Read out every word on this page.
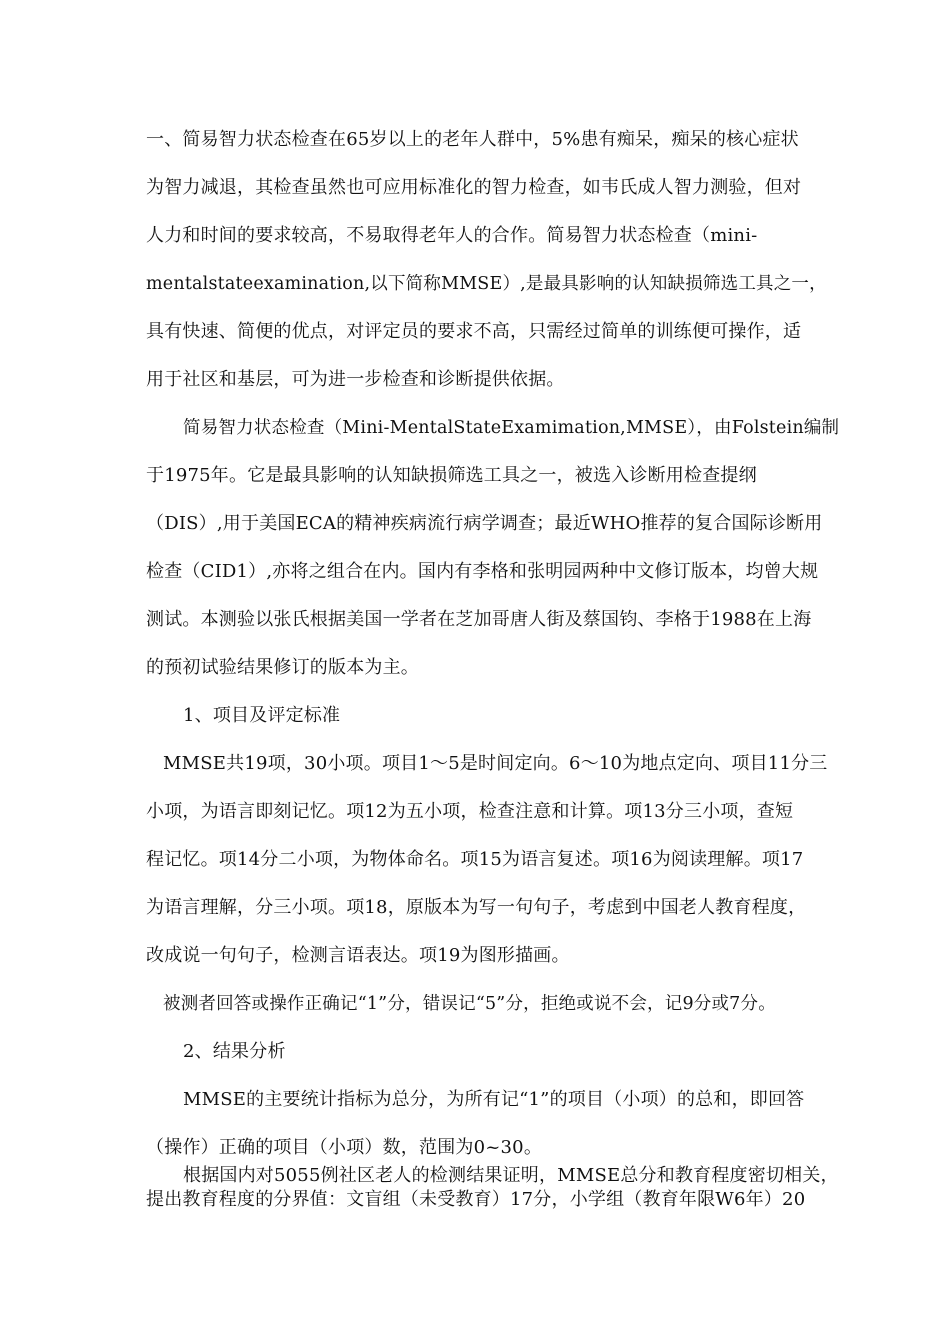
一、简易智力状态检查在65岁以上的老年人群中，5%患有痴呆，痴呆的核心症状
为智力减退，其检查虽然也可应用标准化的智力检查，如韦氏成人智力测验，但对
人力和时间的要求较高，不易取得老年人的合作。简易智力状态检查（mini-
mentalstateexamination,以下简称MMSE）,是最具影响的认知缺损筛选工具之一，
具有快速、简便的优点，对评定员的要求不高，只需经过简单的训练便可操作，适
用于社区和基层，可为进一步检查和诊断提供依据。
简易智力状态检查（Mini-MentalStateExamimation,MMSE），由Folstein编制
于1975年。它是最具影响的认知缺损筛选工具之一，被选入诊断用检查提纲
（DIS）,用于美国ECA的精神疾病流行病学调查；最近WHO推荐的复合国际诊断用
检查（CID1）,亦将之组合在内。国内有李格和张明园两种中文修订版本，均曾大规
测试。本测验以张氏根据美国一学者在芝加哥唐人街及蔡国钧、李格于1988在上海
的预初试验结果修订的版本为主。
1、项目及评定标准
MMSE共19项，30小项。项目1〜5是时间定向。6〜10为地点定向、项目11分三
小项，为语言即刻记忆。项12为五小项，检查注意和计算。项13分三小项，查短
程记忆。项14分二小项，为物体命名。项15为语言复述。项16为阅读理解。项17
为语言理解，分三小项。项18，原版本为写一句句子，考虑到中国老人教育程度，
改成说一句句子，检测言语表达。项19为图形描画。
被测者回答或操作正确记“1”分，错误记“5”分，拒绝或说不会，记9分或7分。
2、结果分析
MMSE的主要统计指标为总分，为所有记“1”的项目（小项）的总和，即回答
（操作）正确的项目（小项）数，范围为0~30。
根据国内对5055例社区老人的检测结果证明，MMSE总分和教育程度密切相关，
提出教育程度的分界值：文盲组（未受教育）17分，小学组（教育年限W6年）20
